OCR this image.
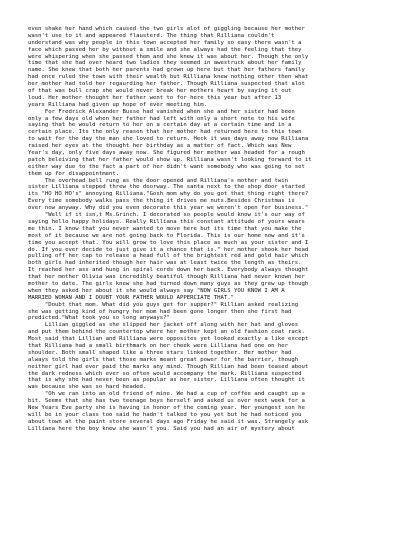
even shake her hand which caused the two girls alot of giggling because her mother
wasn't use to it and appeared flausterd. The thing that Rilliana couldn't
understand was why people in this town accepted her family so easy there wasn't a
face which passed her by without a smile and she always had the feeling that they
were whispering when she passed them and she knew it was about her. Though the only
time that she had over heard two ladies they seemed in awestruck about her family
name. She knew that both her parents had grown up here but that her fathers family
had once ruled the town with their wealth but Rilliana knew nothing other then what
her mother had told her regaurding her father. Though Rilliana suspected that alot
of that was bull crap she would never break her mothers heart by saying it out
loud. Her mother thought her father went to for here this year but after 13
years Rilliana had given up hope of ever meeting him.
For Fredrick Alexander Busse had vanished when she and her sister had been
only a few days old when her father had left with only a short note to his wife
saying that he would return to her on a certain day at a certain time and in a
certain place. Its the only reason that her mother had returned here to this town
to wait for the day the man she loved to return. Heck it was days away now Rilliana
raised her eyes at the thought her birthday as a matter of fact. Which was New
Year's day, only five days away now. She figured her mother was headed for a rough
patch beleiving that her father would show up. Rilliana wasn't looking forward to it
either way due to the fact a part of her didn't want somebody who was going to set
them up for disappointment.
The overhead bell rung as the door opened and Rilliana's mother and twin
sister Lilliana stepped threw the doorway. The santa next to the shop door started
its "HO HO HO's" annoying Rilliana."Gosh mom why do you got that thing right there?
Every time somebody walks pass the thing it drives me nuts.Besides Christmas is
over now anyway. Why did you even decorate this year we weren't open for business."
"Well if it isn,t Ms.Grinch. I decorated so people would know it's our way of
saying hello happy holidays. Really Rilliana this constant attitude of yours wears
me thin. I know that you never wanted to move here but its time that you make the
most of it because we are not going back to Florida. This is our home now and it's
time you accept that. You will grow to love this place as much as your sister and I
do. If you ever decide to just give it a chance that is." her mother shook her head
pulling off her cap to release a head full of the brightest red and gold hair which
both girls had inherited though her hair was at least twice the length as theirs.
It reached her ass and hung in spiral cords down her back. Everybody always thought
that her mother Olivia was incredibly beatiful though Rilliana had never known her
mother to date. The girls knew she had turned down many guys as they grew up though
when they asked her about it she would always say "NOW GIRLS YOU KNOW I AM A
MARRIED WOMAN AND I DOUBT YOUR FATHER WOULD APPERCIATE THAT."
"Doubt that mom. What did you guys get for supper?" Rillian asked realizing
she was getting kind of hungry her mom had been gone longer then she first had
predicted."What took you so long anyways?"
Lillian giggled as she slipped her jacket off along with her hat and gloves
and put them behind the countertop where her mother kept an old fashion coat rack.
Most said that Lillian and Rilliana were opposites yet looked exactly a like except
that Rilliana had a small birthmark on her cheek were Lilliana had one on her
shoulder. Both small shaped like a three stars linked together. Her mother had
always told the girls that those marks meant great power for the barrier, though
neither girl had ever paid the marks any mind. Though Rillian had been teased about
the dark redness which ever so often would accompany the mark. Rilliana suspected
that is why she had never been as popular as her sister. Lilliana often thought it
was because she was so hard headed.
"Oh we ran into an old friend of mine. We had a cup of coffee and caught up a
bit. Seems that she has two teenage boys herself and asked us over next week for a
New Years Eve party she is having in honor of the coming year. Her youngest son he
will be in your class too said he hadn't talked to you yet but he had noticed you
about town at the paint store several days ago Friday he said it was. Strangely ask
Lilliana here the boy knew she wasn't you. Said you had an air of mystery about
